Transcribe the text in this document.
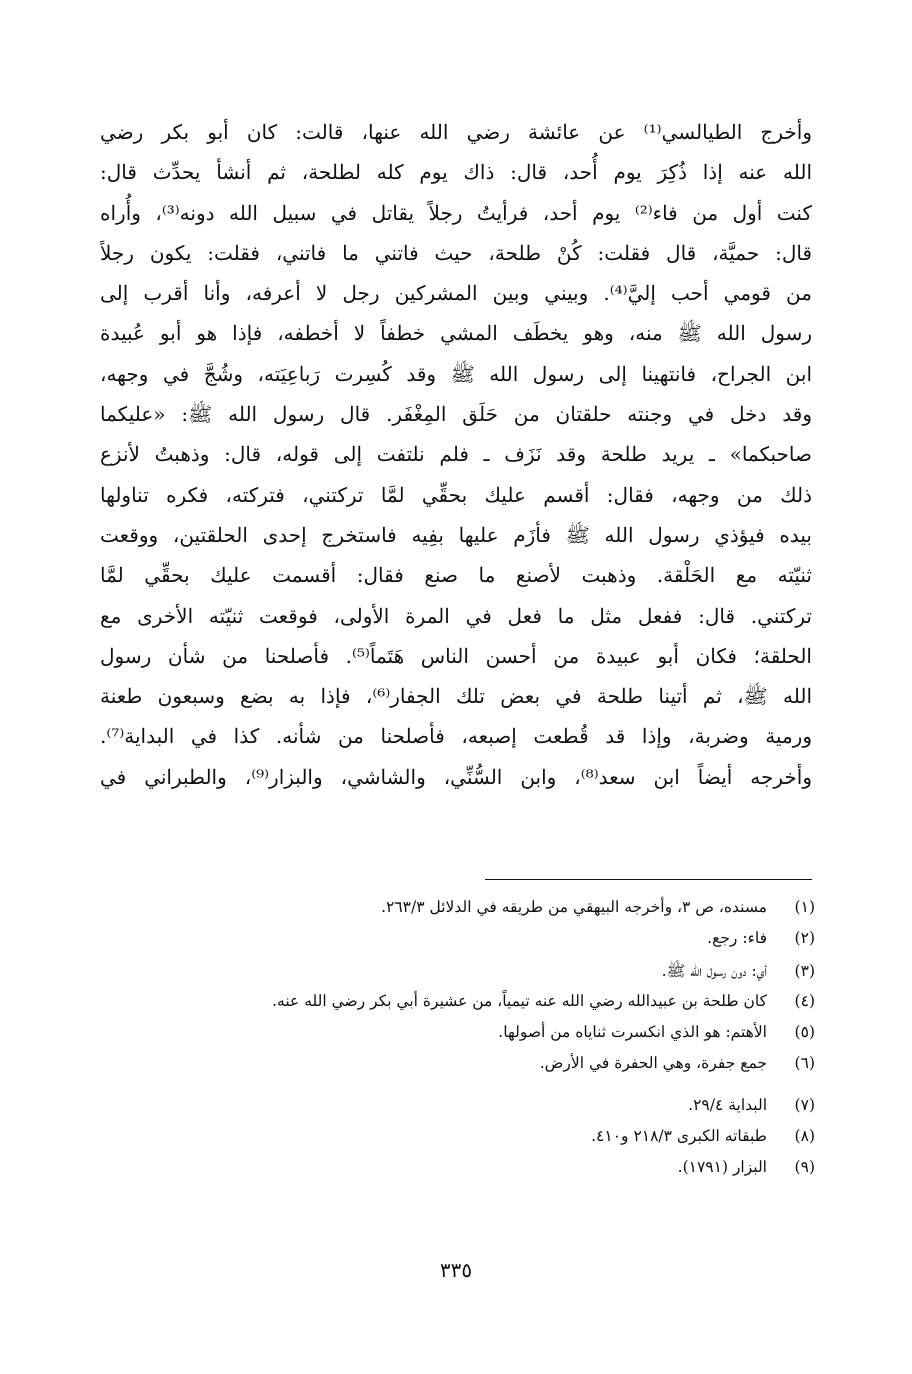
وأخرج الطيالسي⁽¹⁾ عن عائشة رضي الله عنها، قالت: كان أبو بكر رضي
الله عنه إذا ذُكِرَ يوم أُحد، قال: ذاك يوم كله لطلحة، ثم أنشأ يحدِّث قال:
كنت أول من فاء⁽²⁾ يوم أحد، فرأيتُ رجلاً يقاتل في سبيل الله دونه⁽³⁾، وأُراه
قال: حميَّة، قال فقلت: كُنْ طلحة، حيث فاتني ما فاتني، فقلت: يكون رجلاً
من قومي أحب إليَّ⁽⁴⁾. وبيني وبين المشركين رجل لا أعرفه، وأنا أقرب إلى
رسول الله ﷺ منه، وهو يخطَف المشي خطفاً لا أخطفه، فإذا هو أبو عُبيدة
ابن الجراح، فانتهينا إلى رسول الله ﷺ وقد كُسِرت رَباعِيَته، وشُجَّ في وجهه،
وقد دخل في وجنته حلقتان من حَلَق المِغْفَر. قال رسول الله ﷺ: «عليكما
صاحبكما» ـ يريد طلحة وقد نَزَف ـ فلم نلتفت إلى قوله، قال: وذهبتُ لأنزع
ذلك من وجهه، فقال: أقسم عليك بحقِّي لمَّا تركتني، فتركته، فكره تناولها
بيده فيؤذي رسول الله ﷺ فأزَم عليها بفِيه فاستخرج إحدى الحلقتين، ووقعت
ثنيّته مع الحَلْقة. وذهبت لأصنع ما صنع فقال: أقسمت عليك بحقِّي لمَّا
تركتني. قال: ففعل مثل ما فعل في المرة الأولى، فوقعت ثنيّته الأخرى مع
الحلقة؛ فكان أبو عبيدة من أحسن الناس هَتَماً⁽⁵⁾. فأصلحنا من شأن رسول
الله ﷺ، ثم أتينا طلحة في بعض تلك الجفار⁽⁶⁾، فإذا به بضع وسبعون طعنة
ورمية وضربة، وإذا قد قُطعت إصبعه، فأصلحنا من شأنه. كذا في البداية⁽⁷⁾.
وأخرجه أيضاً ابن سعد⁽⁸⁾، وابن السُّنِّي، والشاشي، والبزار⁽⁹⁾، والطبراني في
(١)
مسنده، ص ٣، وأخرجه البيهقي من طريقه في الدلائل ٢٦٣/٣.
(٢)
فاء: رجع.
(٣)
أي: دون رسول الله ﷺ.
(٤)
كان طلحة بن عبيدالله رضي الله عنه تيمياً، من عشيرة أبي بكر رضي الله عنه.
(٥)
الأهتم: هو الذي انكسرت ثناياه من أصولها.
(٦)
جمع جفرة، وهي الحفرة في الأرض.
(٧)
البداية ٢٩/٤.
(٨)
طبقاته الكبرى ٢١٨/٣ و٤١٠.
(٩)
البزار (١٧٩١).
٣٣٥
